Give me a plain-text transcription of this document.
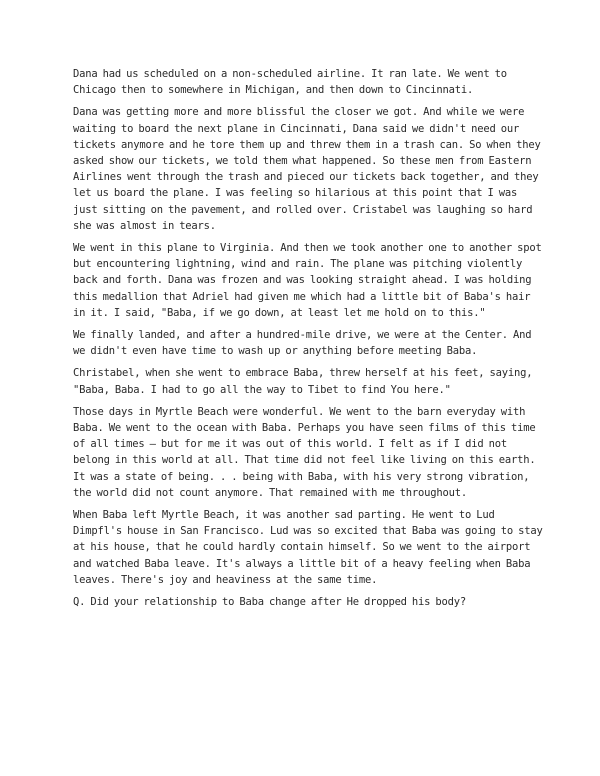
Dana had us scheduled on a non-scheduled airline. It ran late. We went to Chicago then to somewhere in Michigan, and then down to Cincinnati.

Dana was getting more and more blissful the closer we got. And while we were waiting to board the next plane in Cincinnati, Dana said we didn't need our tickets anymore and he tore them up and threw them in a trash can. So when they asked show our tickets, we told them what happened. So these men from Eastern Airlines went through the trash and pieced our tickets back together, and they let us board the plane. I was feeling so hilarious at this point that I was just sitting on the pavement, and rolled over. Cristabel was laughing so hard she was almost in tears.

We went in this plane to Virginia. And then we took another one to another spot but encountering lightning, wind and rain. The plane was pitching violently back and forth. Dana was frozen and was looking straight ahead. I was holding this medallion that Adriel had given me which had a little bit of Baba's hair in it. I said, "Baba, if we go down, at least let me hold on to this."

We finally landed, and after a hundred-mile drive, we were at the Center. And we didn't even have time to wash up or anything before meeting Baba.

Christabel, when she went to embrace Baba, threw herself at his feet, saying, "Baba, Baba. I had to go all the way to Tibet to find You here."

Those days in Myrtle Beach were wonderful. We went to the barn everyday with Baba. We went to the ocean with Baba. Perhaps you have seen films of this time of all times — but for me it was out of this world. I felt as if I did not belong in this world at all. That time did not feel like living on this earth. It was a state of being. . . being with Baba, with his very strong vibration, the world did not count anymore. That remained with me throughout.

When Baba left Myrtle Beach, it was another sad parting. He went to Lud Dimpfl's house in San Francisco. Lud was so excited that Baba was going to stay at his house, that he could hardly contain himself. So we went to the airport and watched Baba leave. It's always a little bit of a heavy feeling when Baba leaves. There's joy and heaviness at the same time.

Q. Did your relationship to Baba change after He dropped his body?
